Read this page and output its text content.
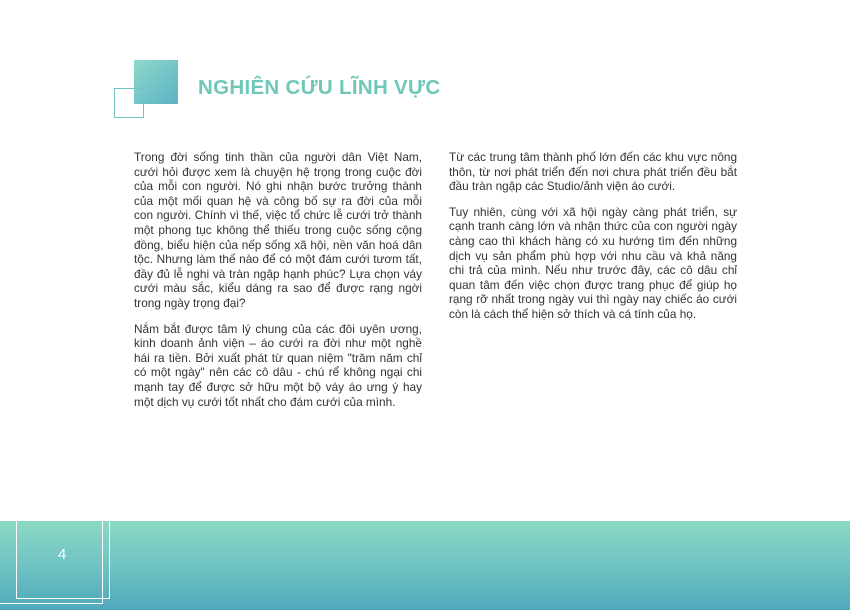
NGHIÊN CỨU LĨNH VỰC

Trong đời sống tinh thần của người dân Việt Nam, cưới hỏi được xem là chuyện hệ trọng trong cuộc đời của mỗi con người. Nó ghi nhận bước trưởng thành của một mối quan hệ và công bố sự ra đời của mỗi con người. Chính vì thế, việc tổ chức lễ cưới trở thành một phong tục không thể thiếu trong cuộc sống cộng đồng, biểu hiện của nếp sống xã hội, nền văn hoá dân tộc. Nhưng làm thế nào để có một đám cưới tươm tất, đầy đủ lễ nghi và tràn ngập hạnh phúc? Lựa chọn váy cưới màu sắc, kiểu dáng ra sao để được rạng ngời trong ngày trọng đại?

Nắm bắt được tâm lý chung của các đôi uyên ương, kinh doanh ảnh viện – áo cưới ra đời như một nghề hái ra tiền. Bởi xuất phát từ quan niệm "trăm năm chỉ có một ngày" nên các cô dâu - chú rể không ngại chi mạnh tay để được sở hữu một bộ váy áo ưng ý hay một dịch vụ cưới tốt nhất cho đám cưới của mình.

Từ các trung tâm thành phố lớn đến các khu vực nông thôn, từ nơi phát triển đến nơi chưa phát triển đều bắt đầu tràn ngập các Studio/ảnh viện áo cưới.

Tuy nhiên, cùng với xã hội ngày càng phát triển, sự cạnh tranh càng lớn và nhận thức của con người ngày càng cao thì khách hàng có xu hướng tìm đến những dịch vụ sản phẩm phù hợp với nhu cầu và khả năng chi trả của mình. Nếu như trước đây, các cô dâu chỉ quan tâm đến việc chọn được trang phục để giúp họ rạng rỡ nhất trong ngày vui thì ngày nay chiếc áo cưới còn là cách thể hiện sở thích và cá tính của họ.

4
